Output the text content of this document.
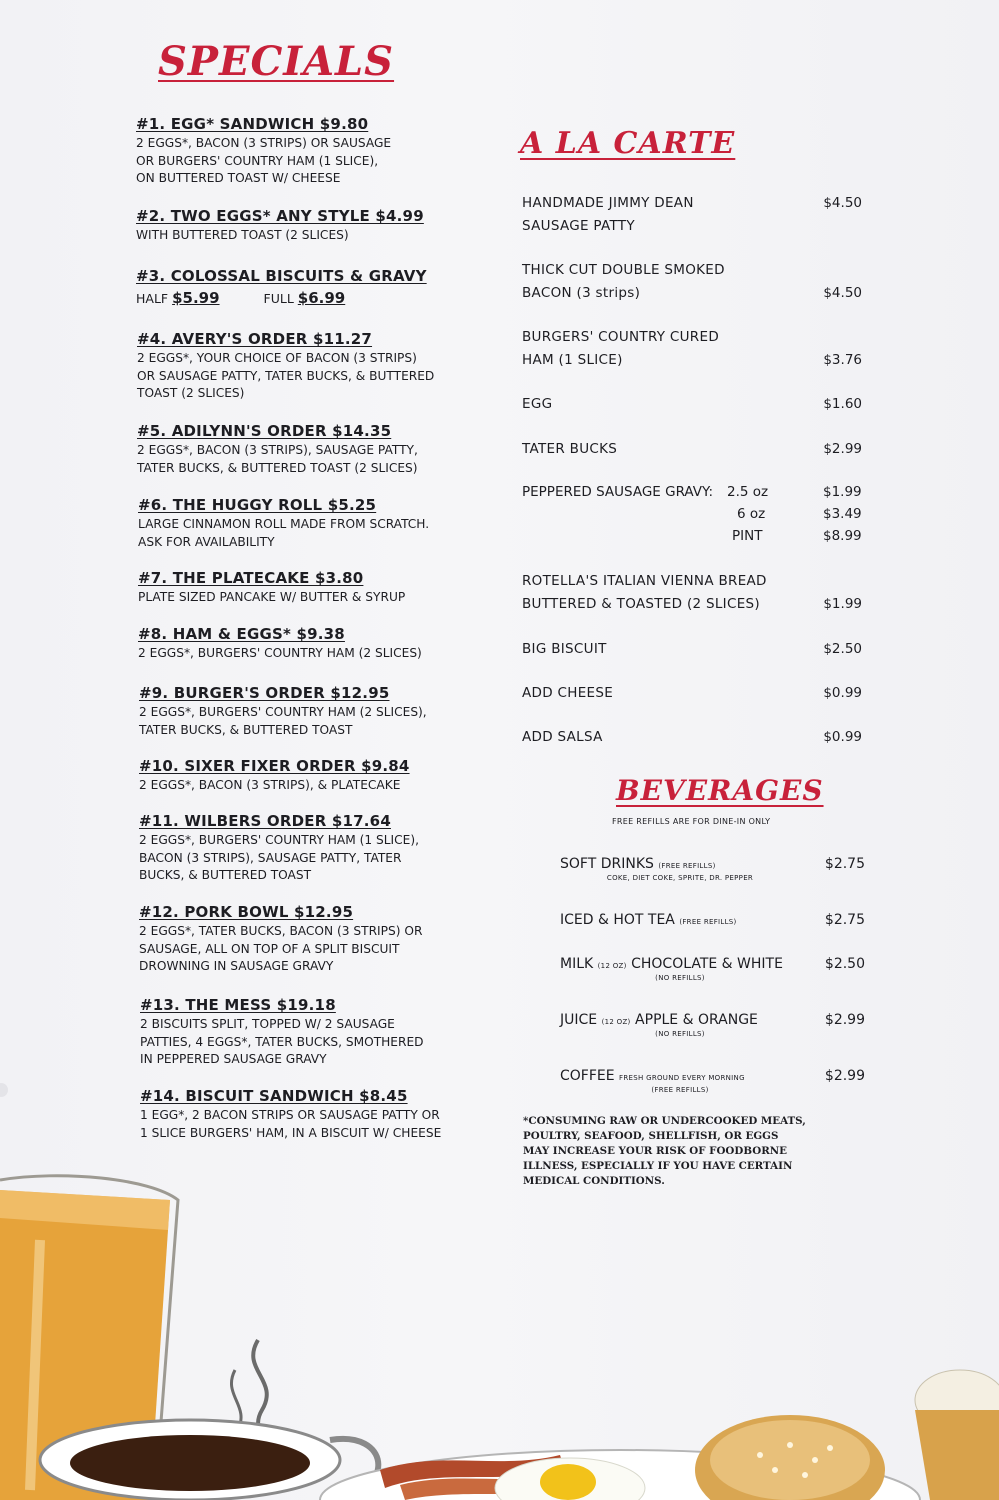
SPECIALS
A LA CARTE
BEVERAGES
#1. EGG* SANDWICH $9.80
2 EGGS*, BACON (3 STRIPS) OR SAUSAGE
OR BURGERS' COUNTRY HAM (1 SLICE),
ON BUTTERED TOAST W/ CHEESE
#2. TWO EGGS* ANY STYLE $4.99
WITH BUTTERED TOAST (2 SLICES)
#3. COLOSSAL BISCUITS & GRAVY
HALF $5.99	FULL $6.99
#4. AVERY'S ORDER $11.27
2 EGGS*, YOUR CHOICE OF BACON (3 STRIPS)
OR SAUSAGE PATTY, TATER BUCKS, & BUTTERED
TOAST (2 SLICES)
#5. ADILYNN'S ORDER $14.35
2 EGGS*, BACON (3 STRIPS), SAUSAGE PATTY,
TATER BUCKS, & BUTTERED TOAST (2 SLICES)
#6. THE HUGGY ROLL $5.25
LARGE CINNAMON ROLL MADE FROM SCRATCH.
ASK FOR AVAILABILITY
#7. THE PLATECAKE $3.80
PLATE SIZED PANCAKE W/ BUTTER & SYRUP
#8. HAM & EGGS* $9.38
2 EGGS*, BURGERS' COUNTRY HAM (2 SLICES)
#9. BURGER'S ORDER $12.95
2 EGGS*, BURGERS' COUNTRY HAM (2 SLICES),
TATER BUCKS, & BUTTERED TOAST
#10. SIXER FIXER ORDER $9.84
2 EGGS*, BACON (3 STRIPS), & PLATECAKE
#11. WILBERS ORDER $17.64
2 EGGS*, BURGERS' COUNTRY HAM (1 SLICE),
BACON (3 STRIPS), SAUSAGE PATTY, TATER
BUCKS, & BUTTERED TOAST
#12. PORK BOWL $12.95
2 EGGS*, TATER BUCKS, BACON (3 STRIPS) OR
SAUSAGE, ALL ON TOP OF A SPLIT BISCUIT
DROWNING IN SAUSAGE GRAVY
#13. THE MESS $19.18
2 BISCUITS SPLIT, TOPPED W/ 2 SAUSAGE
PATTIES, 4 EGGS*, TATER BUCKS, SMOTHERED
IN PEPPERED SAUSAGE GRAVY
#14. BISCUIT SANDWICH $8.45
1 EGG*, 2 BACON STRIPS OR SAUSAGE PATTY OR
1 SLICE BURGERS' HAM, IN A BISCUIT W/ CHEESE
HANDMADE JIMMY DEAN
SAUSAGE PATTY
$4.50
THICK CUT DOUBLE SMOKED
BACON (3 strips)	$4.50
BURGERS' COUNTRY CURED
HAM (1 SLICE)	$3.76
EGG	$1.60
TATER BUCKS	$2.99
PEPPERED SAUSAGE GRAVY: 2.5 oz	$1.99
6 oz	$3.49
PINT	$8.99
ROTELLA'S ITALIAN VIENNA BREAD
BUTTERED & TOASTED (2 SLICES)	$1.99
BIG BISCUIT	$2.50
ADD CHEESE	$0.99
ADD SALSA	$0.99
FREE REFILLS ARE FOR DINE-IN ONLY
SOFT DRINKS (FREE REFILLS)
COKE, DIET COKE, SPRITE, DR. PEPPER
$2.75
ICED & HOT TEA (FREE REFILLS)	$2.75
MILK (12 OZ) CHOCOLATE & WHITE
(NO REFILLS)
$2.50
JUICE (12 OZ) APPLE & ORANGE
(NO REFILLS)
$2.99
COFFEE FRESH GROUND EVERY MORNING
(FREE REFILLS)
$2.99
*CONSUMING RAW OR UNDERCOOKED MEATS, POULTRY, SEAFOOD, SHELLFISH, OR EGGS MAY INCREASE YOUR RISK OF FOODBORNE ILLNESS, ESPECIALLY IF YOU HAVE CERTAIN MEDICAL CONDITIONS.
